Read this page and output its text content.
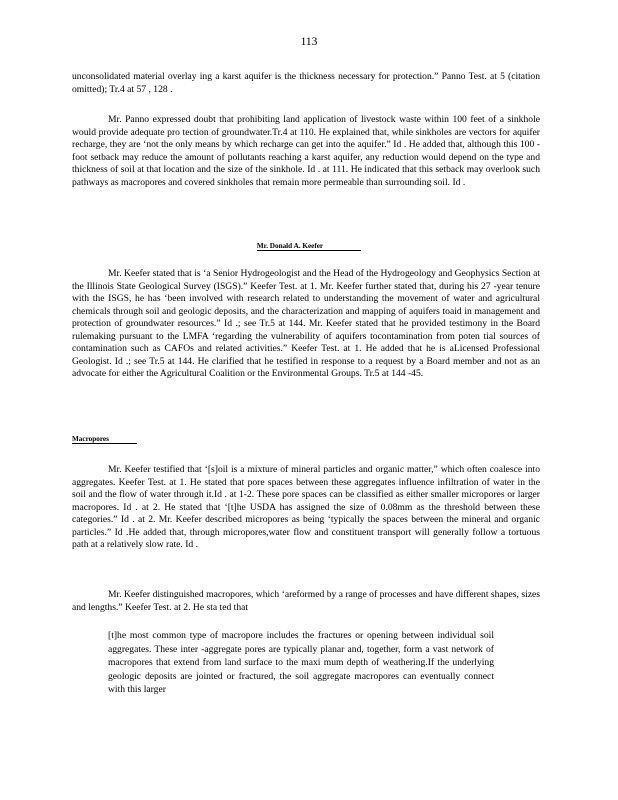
113

unconsolidated material overlay ing a karst aquifer is the thickness necessary for protection.” Panno Test. at 5 (citation omitted); Tr.4 at 57 , 128 .

Mr. Panno expressed doubt that prohibiting land application of livestock waste within 100 feet of a sinkhole would provide adequate pro tection of groundwater.Tr.4 at 110. He explained that, while sinkholes are vectors for aquifer recharge, they are ‘not the only means by which recharge can get into the aquifer.” Id . He added that, although this 100 -foot setback may reduce the amount of pollutants reaching a karst aquifer, any reduction would depend on the type and thickness of soil at that location and the size of the sinkhole. Id . at 111. He indicated that this setback may overlook such pathways as macropores and covered sinkholes that remain more permeable than surrounding soil. Id .

Mr. Donald A. Keefer

Mr. Keefer stated that is ‘a Senior Hydrogeologist and the Head of the Hydrogeology and Geophysics Section at the Illinois State Geological Survey (ISGS).” Keefer Test. at 1. Mr. Keefer further stated that, during his 27 -year tenure with the ISGS, he has ‘been involved with research related to understanding the movement of water and agricultural chemicals through soil and geologic deposits, and the characterization and mapping of aquifers toaid in management and protection of groundwater resources.” Id .; see Tr.5 at 144. Mr. Keefer stated that he provided testimony in the Board rulemaking pursuant to the LMFA ‘regarding the vulnerability of aquifers tocontamination from poten tial sources of contamination such as CAFOs and related activities.” Keefer Test. at 1. He added that he is aLicensed Professional Geologist. Id .; see Tr.5 at 144. He clarified that he testified in response to a request by a Board member and not as an advocate for either the Agricultural Coalition or the Environmental Groups. Tr.5 at 144 -45.

Macropores

Mr. Keefer testified that ‘[s]oil is a mixture of mineral particles and organic matter,” which often coalesce into aggregates. Keefer Test. at 1. He stated that pore spaces between these aggregates influence infiltration of water in the soil and the flow of water through it.Id . at 1-2. These pore spaces can be classified as either smaller micropores or larger macropores. Id . at 2. He stated that ‘[t]he USDA has assigned the size of 0.08mm as the threshold between these categories.” Id . at 2. Mr. Keefer described micropores as being ‘typically the spaces between the mineral and organic particles.” Id .He added that, through micropores,water flow and constituent transport will generally follow a tortuous path at a relatively slow rate. Id .

Mr. Keefer distinguished macropores, which ‘areformed by a range of processes and have different shapes, sizes and lengths.” Keefer Test. at 2. He sta ted that

[t]he most common type of macropore includes the fractures or opening between individual soil aggregates. These inter -aggregate pores are typically planar and, together, form a vast network of macropores that extend from land surface to the maxi mum depth of weathering.If the underlying geologic deposits are jointed or fractured, the soil aggregate macropores can eventually connect with this larger
